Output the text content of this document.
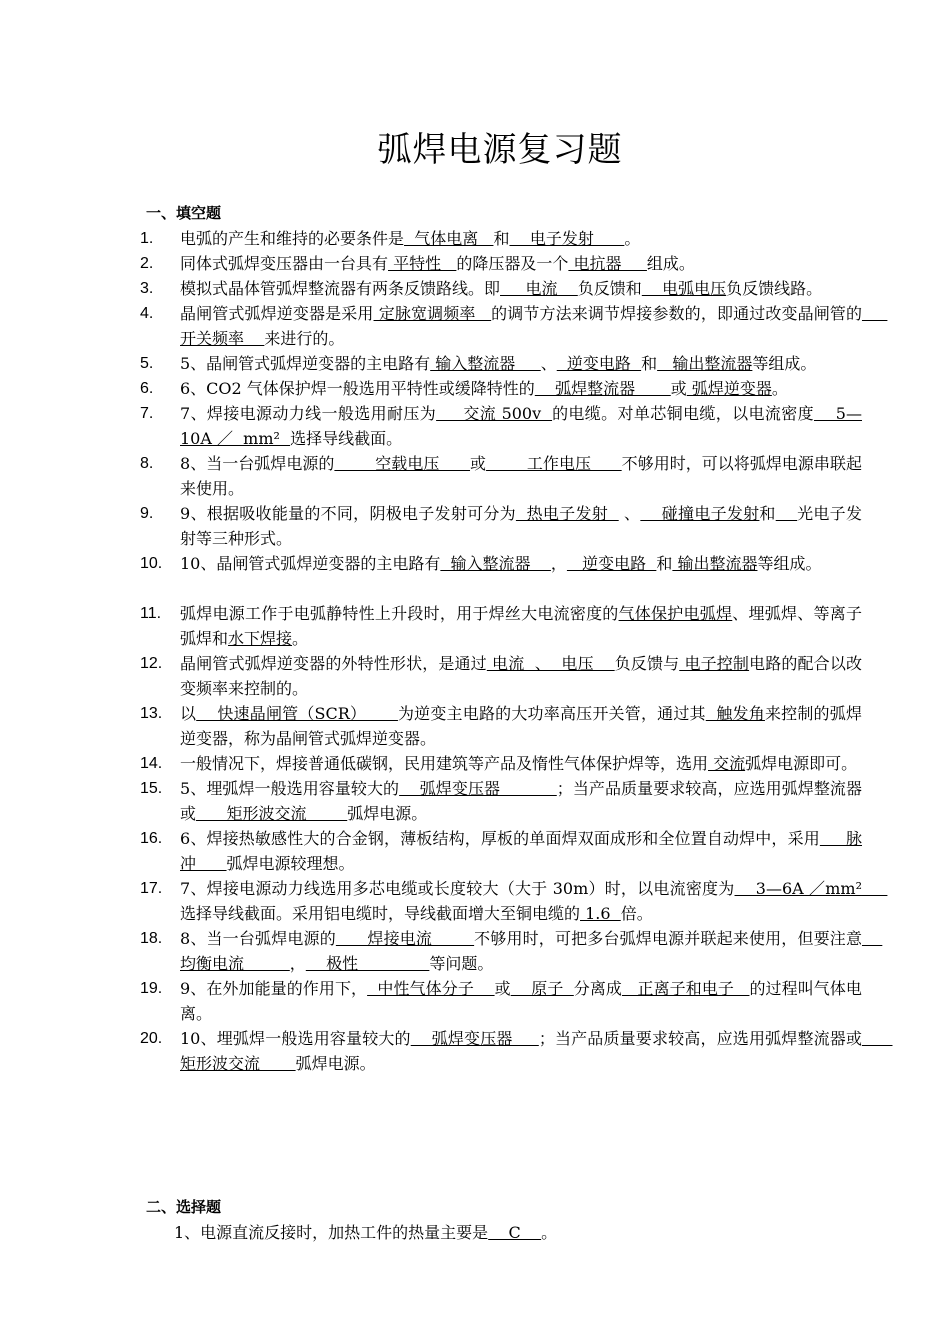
弧焊电源复习题
一、填空题
1.	电弧的产生和维持的必要条件是  气体电离   和    电子发射      。
2.	同体式弧焊变压器由一台具有 平特性   的降压器及一个 电抗器     组成。
3.	模拟式晶体管弧焊整流器有两条反馈路线。即     电流    负反馈和    电弧电压负反馈线路。
4.	晶闸管式弧焊逆变器是采用 定脉宽调频率   的调节方法来调节焊接参数的，即通过改变晶闸管的     开关频率    来进行的。
5.	5、晶闸管式弧焊逆变器的主电路有 输入整流器     、  逆变电路  和   输出整流器等组成。
6.	6、CO2 气体保护焊一般选用平特性或缓降特性的    弧焊整流器       或 弧焊逆变器。
7.	7、焊接电源动力线一般选用耐压为     交流 500v  的电缆。对单芯铜电缆，以电流密度    5—10A ／  mm²  选择导线截面。
8.	8、当一台弧焊电源的        空载电压      或        工作电压      不够用时，可以将弧焊电源串联起来使用。
9.	9、根据吸收能量的不同，阴极电子发射可分为  热电子发射   、    碰撞电子发射和 光电子发射等三种形式。
10.	10、晶闸管式弧焊逆变器的主电路有  输入整流器    ，   逆变电路  和 输出整流器等组成。
11.	弧焊电源工作于电弧静特性上升段时，用于焊丝大电流密度的气体保护电弧焊、埋弧焊、等离子弧焊和水下焊接。
12.	晶闸管式弧焊逆变器的外特性形状，是通过 电流  、  电压    负反馈与 电子控制电路的配合以改变频率来控制的。
13.	以    快速晶闸管（SCR）      为逆变主电路的大功率高压开关管，通过其  触发角来控制的弧焊逆变器，称为晶闸管式弧焊逆变器。
14.	一般情况下，焊接普通低碳钢，民用建筑等产品及惰性气体保护焊等，选用 交流弧焊电源即可。
15.	5、埋弧焊一般选用容量较大的    弧焊变压器           ；当产品质量要求较高，应选用弧焊整流器或      矩形波交流        弧焊电源。
16.	6、焊接热敏感性大的合金钢，薄板结构，厚板的单面焊双面成形和全位置自动焊中，采用     脉冲      弧焊电源较理想。
17.	7、焊接电源动力线选用多芯电缆或长度较大（大于 30m）时，以电流密度为    3—6A ／mm²     选择导线截面。采用铝电缆时，导线截面增大至铜电缆的 1.6  倍。
18.	8、当一台弧焊电源的      焊接电流        不够用时，可把多台弧焊电源并联起来使用，但要注意    均衡电流         ，    极性              等问题。
19.	9、在外加能量的作用下，  中性气体分子    或    原子  分离成   正离子和电子   的过程叫气体电离。
20.	10、埋弧焊一般选用容量较大的    弧焊变压器     ；当产品质量要求较高，应选用弧焊整流器或      矩形波交流       弧焊电源。
二、选择题
1、电源直流反接时，加热工件的热量主要是    C    。
